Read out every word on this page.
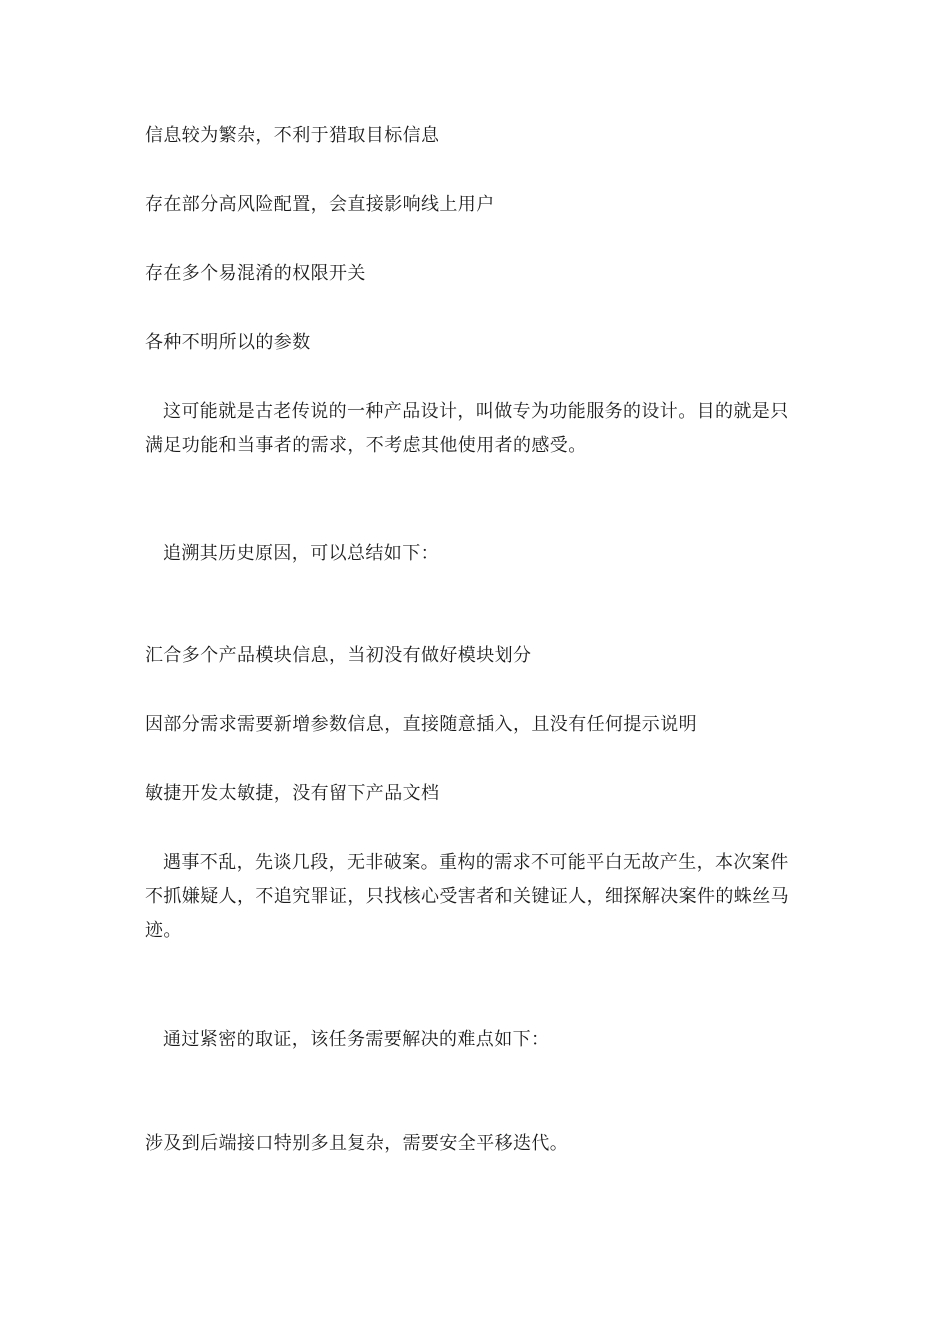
信息较为繁杂，不利于猎取目标信息
存在部分高风险配置，会直接影响线上用户
存在多个易混淆的权限开关
各种不明所以的参数
这可能就是古老传说的一种产品设计，叫做专为功能服务的设计。目的就是只满足功能和当事者的需求，不考虑其他使用者的感受。
追溯其历史原因，可以总结如下：
汇合多个产品模块信息，当初没有做好模块划分
因部分需求需要新增参数信息，直接随意插入，且没有任何提示说明
敏捷开发太敏捷，没有留下产品文档
遇事不乱，先谈几段，无非破案。重构的需求不可能平白无故产生，本次案件不抓嫌疑人，不追究罪证，只找核心受害者和关键证人，细探解决案件的蛛丝马迹。
通过紧密的取证，该任务需要解决的难点如下：
涉及到后端接口特别多且复杂，需要安全平移迭代。
